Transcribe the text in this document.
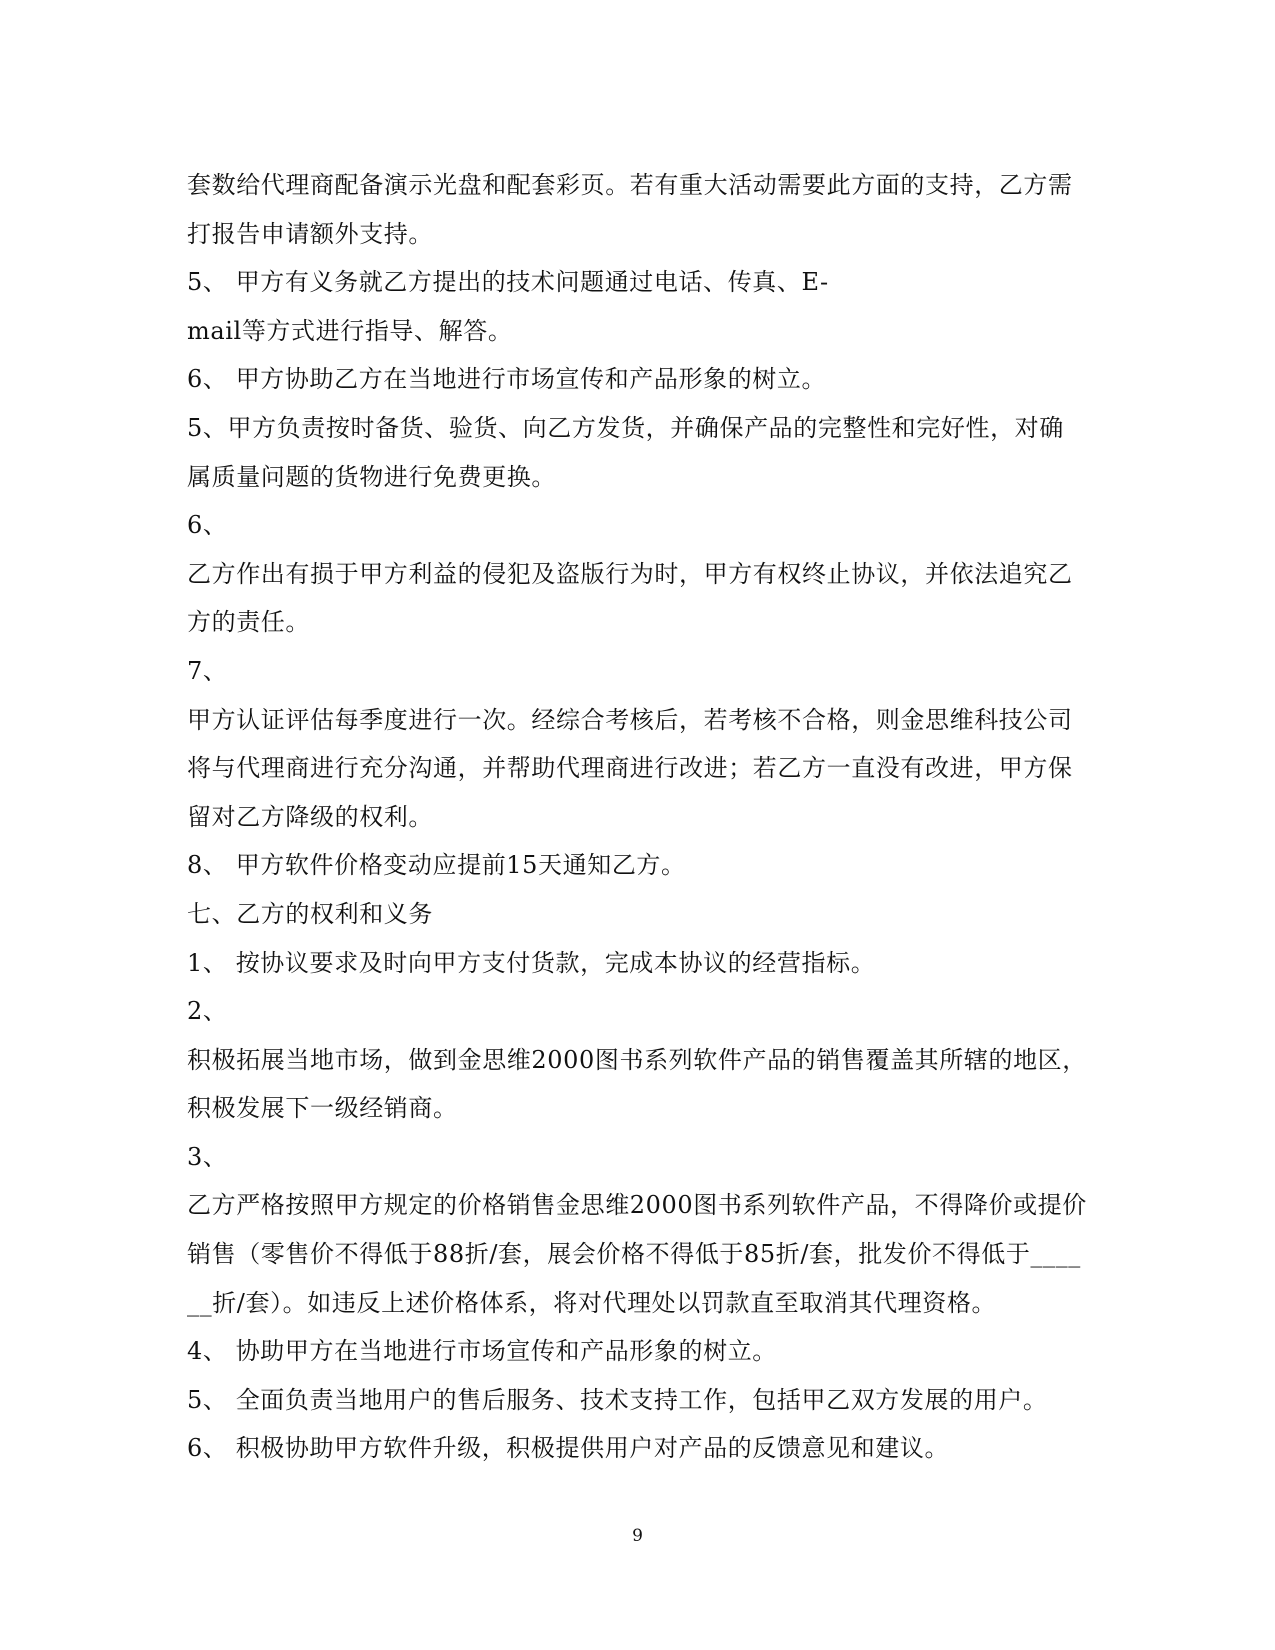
套数给代理商配备演示光盘和配套彩页。若有重大活动需要此方面的支持，乙方需
打报告申请额外支持。
5、 甲方有义务就乙方提出的技术问题通过电话、传真、E-
mail等方式进行指导、解答。
6、 甲方协助乙方在当地进行市场宣传和产品形象的树立。
5、甲方负责按时备货、验货、向乙方发货，并确保产品的完整性和完好性，对确
属质量问题的货物进行免费更换。
6、
乙方作出有损于甲方利益的侵犯及盗版行为时，甲方有权终止协议，并依法追究乙
方的责任。
7、
甲方认证评估每季度进行一次。经综合考核后，若考核不合格，则金思维科技公司
将与代理商进行充分沟通，并帮助代理商进行改进；若乙方一直没有改进，甲方保
留对乙方降级的权利。
8、 甲方软件价格变动应提前15天通知乙方。
七、乙方的权利和义务
1、 按协议要求及时向甲方支付货款，完成本协议的经营指标。
2、
积极拓展当地市场，做到金思维2000图书系列软件产品的销售覆盖其所辖的地区，
积极发展下一级经销商。
3、
乙方严格按照甲方规定的价格销售金思维2000图书系列软件产品，不得降价或提价
销售（零售价不得低于88折/套，展会价格不得低于85折/套，批发价不得低于____
__折/套）。如违反上述价格体系，将对代理处以罚款直至取消其代理资格。
4、 协助甲方在当地进行市场宣传和产品形象的树立。
5、 全面负责当地用户的售后服务、技术支持工作，包括甲乙双方发展的用户。
6、 积极协助甲方软件升级，积极提供用户对产品的反馈意见和建议。
9
